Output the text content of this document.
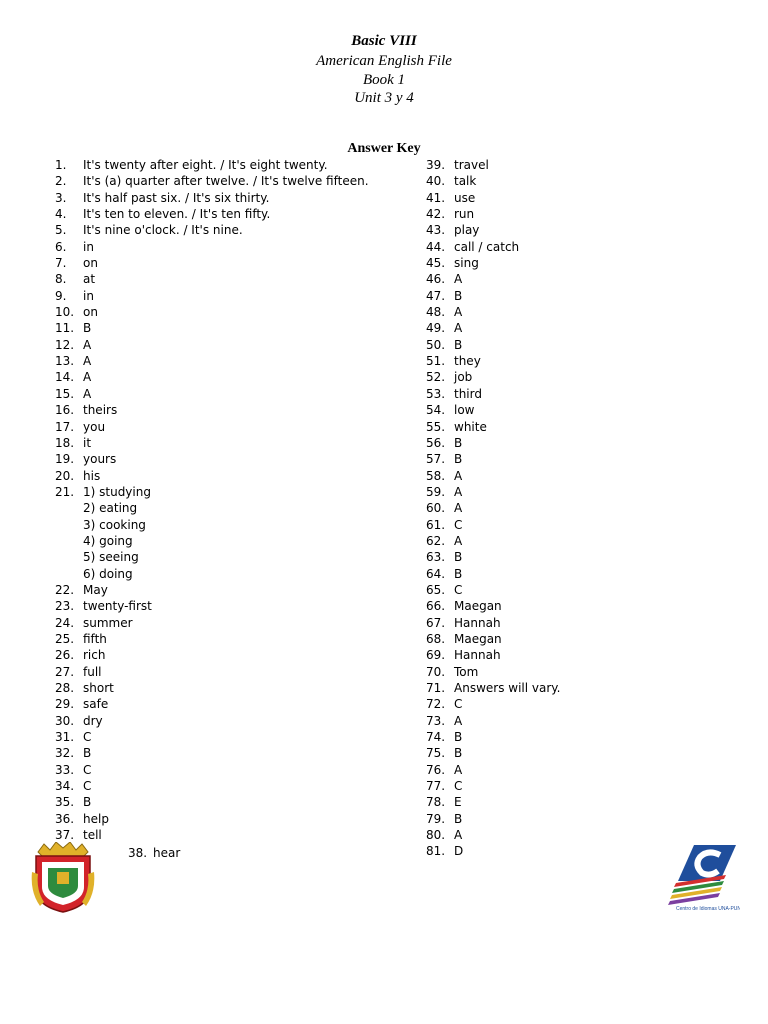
Basic VIII
American English File
Book 1
Unit 3 y 4
Answer Key
1. It's twenty after eight. / It's eight twenty.
2. It's (a) quarter after twelve. / It's twelve fifteen.
3. It's half past six. / It's six thirty.
4. It's ten to eleven. / It's ten fifty.
5. It's nine o'clock. / It's nine.
6. in
7. on
8. at
9. in
10. on
11. B
12. A
13. A
14. A
15. A
16. theirs
17. you
18. it
19. yours
20. his
21. 1) studying
2) eating
3) cooking
4) going
5) seeing
6) doing
22. May
23. twenty-first
24. summer
25. fifth
26. rich
27. full
28. short
29. safe
30. dry
31. C
32. B
33. C
34. C
35. B
36. help
37. tell
39. travel
40. talk
41. use
42. run
43. play
44. call / catch
45. sing
46. A
47. B
48. A
49. A
50. B
51. they
52. job
53. third
54. low
55. white
56. B
57. B
58. A
59. A
60. A
61. C
62. A
63. B
64. B
65. C
66. Maegan
67. Hannah
68. Maegan
69. Hannah
70. Tom
71. Answers will vary.
72. C
73. A
74. B
75. B
76. A
77. C
78. E
79. B
80. A
81. D
38. hear
Centro de Idiomas UNA-PUNO
